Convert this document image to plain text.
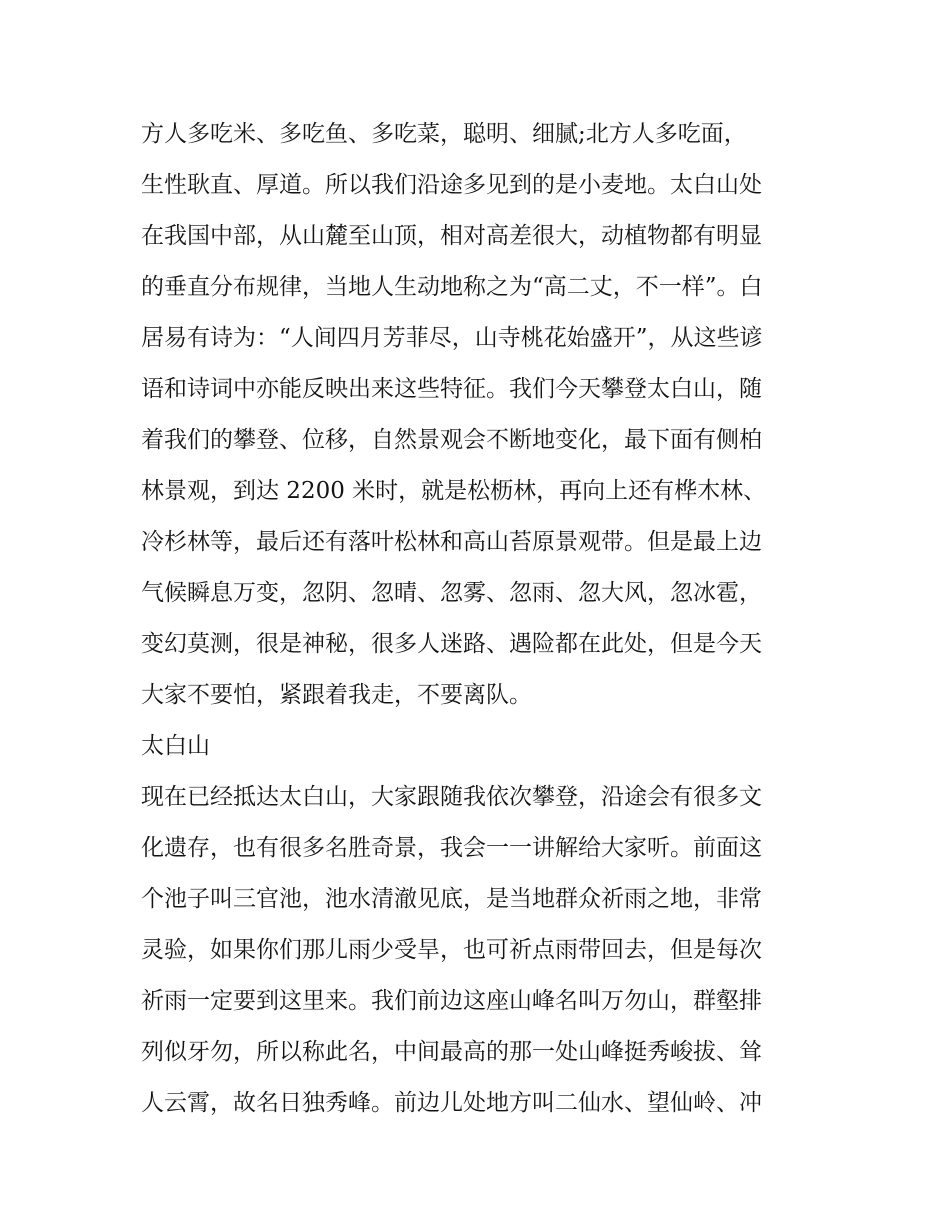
方人多吃米、多吃鱼、多吃菜，聪明、细腻;北方人多吃面，
生性耿直、厚道。所以我们沿途多见到的是小麦地。太白山处
在我国中部，从山麓至山顶，相对高差很大，动植物都有明显
的垂直分布规律，当地人生动地称之为“高二丈，不一样”。白
居易有诗为：“人间四月芳菲尽，山寺桃花始盛开”，从这些谚
语和诗词中亦能反映出来这些特征。我们今天攀登太白山，随
着我们的攀登、位移，自然景观会不断地变化，最下面有侧柏
林景观，到达 2200 米时，就是松枥林，再向上还有桦木林、
冷杉林等，最后还有落叶松林和高山苔原景观带。但是最上边
气候瞬息万变，忽阴、忽晴、忽雾、忽雨、忽大风，忽冰雹，
变幻莫测，很是神秘，很多人迷路、遇险都在此处，但是今天
大家不要怕，紧跟着我走，不要离队。
太白山
现在已经抵达太白山，大家跟随我依次攀登，沿途会有很多文
化遗存，也有很多名胜奇景，我会一一讲解给大家听。前面这
个池子叫三官池，池水清澈见底，是当地群众祈雨之地，非常
灵验，如果你们那儿雨少受旱，也可祈点雨带回去，但是每次
祈雨一定要到这里来。我们前边这座山峰名叫万勿山，群壑排
列似牙勿，所以称此名，中间最高的那一处山峰挺秀峻拔、耸
人云霄，故名日独秀峰。前边儿处地方叫二仙水、望仙岭、冲
